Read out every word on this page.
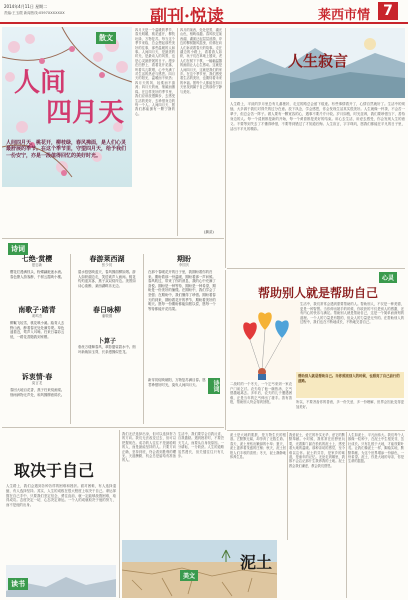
2014年4月11日 星期二
责编:王玉璟 新闻热线:0597XXXXXXX	副刊·悦读	莱西市情 7
散文
人间
四月天
人间四月天，桃花开，柳枝绿，春风拂面，是人们心灵最舒展的季节。在这个季节里，守望四月天，给予我们一份安宁，亦是一段值得回忆的美好时光。
四月天是一个温暖的季节，春光明媚，桃花盛开，柳枝吐绿，万物复苏。每当这个季节来临，总会想起那些美好的往事，那些温暖的人和事。人间四月天，是最美的时光，是最动人的风景，也是心灵最舒展的日子。漫步在田野上，看着花开花落，听着鸟儿歌唱，心中充满了对生活的热爱与感恩。四月天的阳光，温暖而不炽热；四月天的风，轻柔而不凛冽；四月天的雨，细腻而缠绵。在这样美好的季节里，我们应该放慢脚步，去感受生活的美好，去珍惜身边的每一个人。人间四月天，愿我们都能拥有一颗宁静的心。
四月的莱西，处处是景，湖光山色，相映成趣。春风吹过莱西湖，湖面泛起层层涟漪，岸边的柳树随风摇曳，仿佛在向人们诉说着春天的故事。走在湖边的小路上，看着游人如织，孩子们在草地上嬉戏，老人们在树下下棋，一幅幅温馨的画面让人心生感动。这就是人间四月天，这就是我们的家乡。在这个季节里，我们感受着生活的美好，也期待着未来的幸福。愿每个人都能在四月天里找到属于自己的那份宁静与美好。
(摘录)
人生寂言
人生路上，平淡的岁月里总有几番挫折，走过的路总会留下痕迹。有些事情看开了，心情自然就好了。生活中的烦恼，大多源于我们对得失的过分在意。放下执念，学会感恩，你会发现生活其实很美好。人生就像一杯茶，不会苦一辈子，但总会苦一阵子。做人要有一颗宽容的心，遇事不要斤斤计较。岁月如梭，时光荏苒，我们要珍惜当下，善待身边的人。每一个清晨都是新的开始，每一个黄昏都是美好的结束。用心去生活，用爱去感受，你会发现人生的意义。不要等到失去了才懂得珍惜，不要等到错过了才知道后悔。人生寂言，字字珠玑，愿我们都能在平凡的日子里，活出不平凡的精彩。
诗词
七绝·赏樱
夏忠新
樱花烂漫满枝头，粉蝶翩跹逐水流。春色撩人游客醉，千树云霞映小楼。
春游莱西湖
张少初
碧水悠悠映蓝天，春风拂面柳如烟。游人如织湖边走，笑语欢声入画间。桃花灼灼迎宾客，燕子双双绕岸边。美景如诗心欲醉，莱西湖畔乐无边。
期盼
李国庆
在那个春暖花开的日子里，我期盼着你的归来。期盼着那一份温暖，期盼着那一声问候。春风吹过，带来了你的消息，我的心中充满了喜悦。期盼是一种等待，期盼是一种希望，期盼是一份美好的憧憬。在期盼中，我们学会了坚强；在期盼中，我们懂得了珍惜。期盼着春天的到来，期盼着花开的季节，期盼着美好的明天。愿每一份期盼都能如愿以偿，愿每一个等待都能开花结果。
南歌子·踏青
姜鸣杰
柳絮飞轻雪，桃花映小溪。踏青人去野山西，醉看春光处处满芳堤。草色遥看近，莺声入耳啼。归来日暮彩云低，一路花香随我到家栖。
春日咏柳
潘敬德
垂丝万缕舞春风，翠影婆娑碧水中。细叶新裁如玉剪，长条漫拂似苍龙。
卜算子
诉衷情·春
莫言龙
春回大地百花香，燕子归来绕画梁。细雨润物无声处，和风拂柳意绵长。
新芽初绽映朝阳，万物复苏满目春。愿君珍惜好时光，莫负人间四月天。	诗词
心灵
帮助别人就是帮助自己
生活中，我们常常会遇到需要帮助的人。帮助别人，不仅是一种美德，更是一种智慧。当你伸出援手的时候，你收获的不仅是别人的感激，还有内心的快乐与满足。帮助别人就是帮助自己，这是一个简单而深刻的道理。一个人的力量是有限的，但众人的力量是无穷的。在帮助别人的过程中，我们也在不断地成长，不断地完善自己。
二战时的一个冬天，一个乞丐来到一家农户门前乞讨。农夫给了他一碗热汤，乞丐感激地离去。多年后，农夫的儿子遭遇困难，正是当年的乞丐伸出了援手。善有善报，帮助别人终会得到回报。
帮助别人就是帮助自己。当你照亮别人的时候，也照亮了自己前行的道路。
所以，不要吝啬你的善意，多一份关爱，多一份理解，世界会因此变得更加美好。
取决于自己
人生路上，我们会遇到各种各样的困难和挫折。面对困难，有人选择退缩，有人选择坚持。其实，人生的成败在很大程度上取决于自己。命运掌握在自己手中，只要我们坚定信念，勇往直前，就一定能够战胜困难，取得成功。态度决定一切，心态决定命运。一个人的成就取决于他的努力，而不是他的出身。
读书
我们无法选择出身，但可以选择努力的方向。我们无法改变过去，但可以把握现在。成功的人往往不是最聪明的人，而是最能坚持的人。只要方向正确，坚持到底，终会看到胜利的曙光。天道酬勤，机会总是留给有准备的人。
生活中，我们要学会自我反省，自我激励。遇到挫折时，不要怨天尤人，而要从自身找原因。一分耕耘，一分收获。人生的道路虽然漫长，但关键往往只有几步。
美文
泥土
泥土是大地的肌肤，是万物生长的根基。它默默无闻，却孕育了无数生命。春天，泥土里钻出嫩绿的小草；夏天，泥土滋养着茂盛的庄稼；秋天，泥土回报人们丰收的喜悦；冬天，泥土静静地休养生息。
我爱泥土，爱它的朴实无华，爱它的默默奉献。小时候，我常常在田野里玩耍，光着脚丫踩在松软的泥土上，感受着大地的温暖。那种亲切的感觉，至今难以忘怀。泥土的芬芳，是家乡的味道，是童年的记忆。无论走到哪里，我都不会忘记那片生我养我的土地。泥土教会我们谦虚，教会我们感恩。
人生如泥土，平凡而伟大。我们每个人都像一粒种子，在泥土中生根发芽，茁壮成长。只有扎根于大地，才能枝繁叶茂。让我们像泥土一样，脚踏实地，默默奉献，为这个世界增添一份绿色，一份希望。泥土，你是大地的母亲，你是生命的摇篮。
